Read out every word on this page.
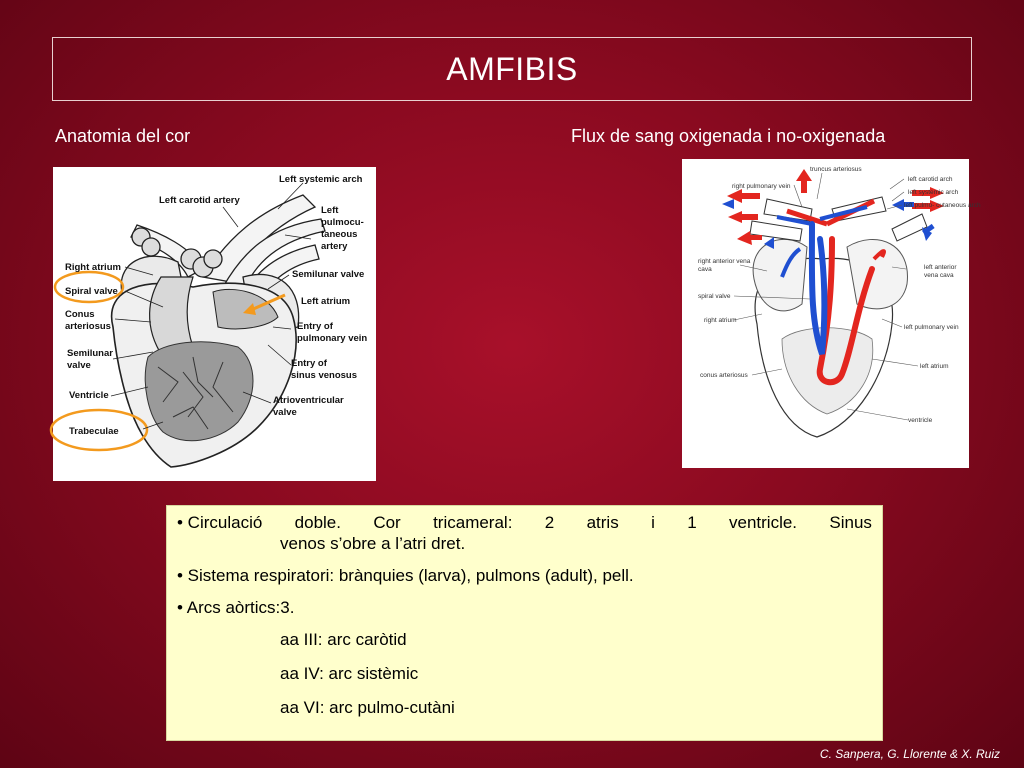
AMFIBIS
Anatomia del cor	Flux de sang oxigenada i no-oxigenada
Left systemic arch
Left carotid artery
Left
pulmocu-
taneous
artery
Right atrium
Semilunar valve
Spiral valve
Left atrium
Conus
arteriosus	Entry of
pulmonary vein
Semilunar
valve	Entry of
sinus venosus
Ventricle	Atrioventricular
valve
Trabeculae
truncus arteriosus
left carotid arch
right pulmonary vein
left systemic arch
left pulmo- cutaneous arch
right anterior vena
cava	left anterior
vena cava
spiral valve
right atrium
left pulmonary vein
conus arteriosus
left atrium
ventricle
• Circulació doble. Cor tricameral: 2 atris i 1 ventricle. Sinus
venos s’obre a l’atri dret.
• Sistema respiratori: brànquies (larva), pulmons (adult), pell.
• Arcs aòrtics:3.
aa III: arc caròtid
aa IV: arc sistèmic
aa VI: arc pulmo-cutàni
C. Sanpera, G. Llorente & X. Ruiz
